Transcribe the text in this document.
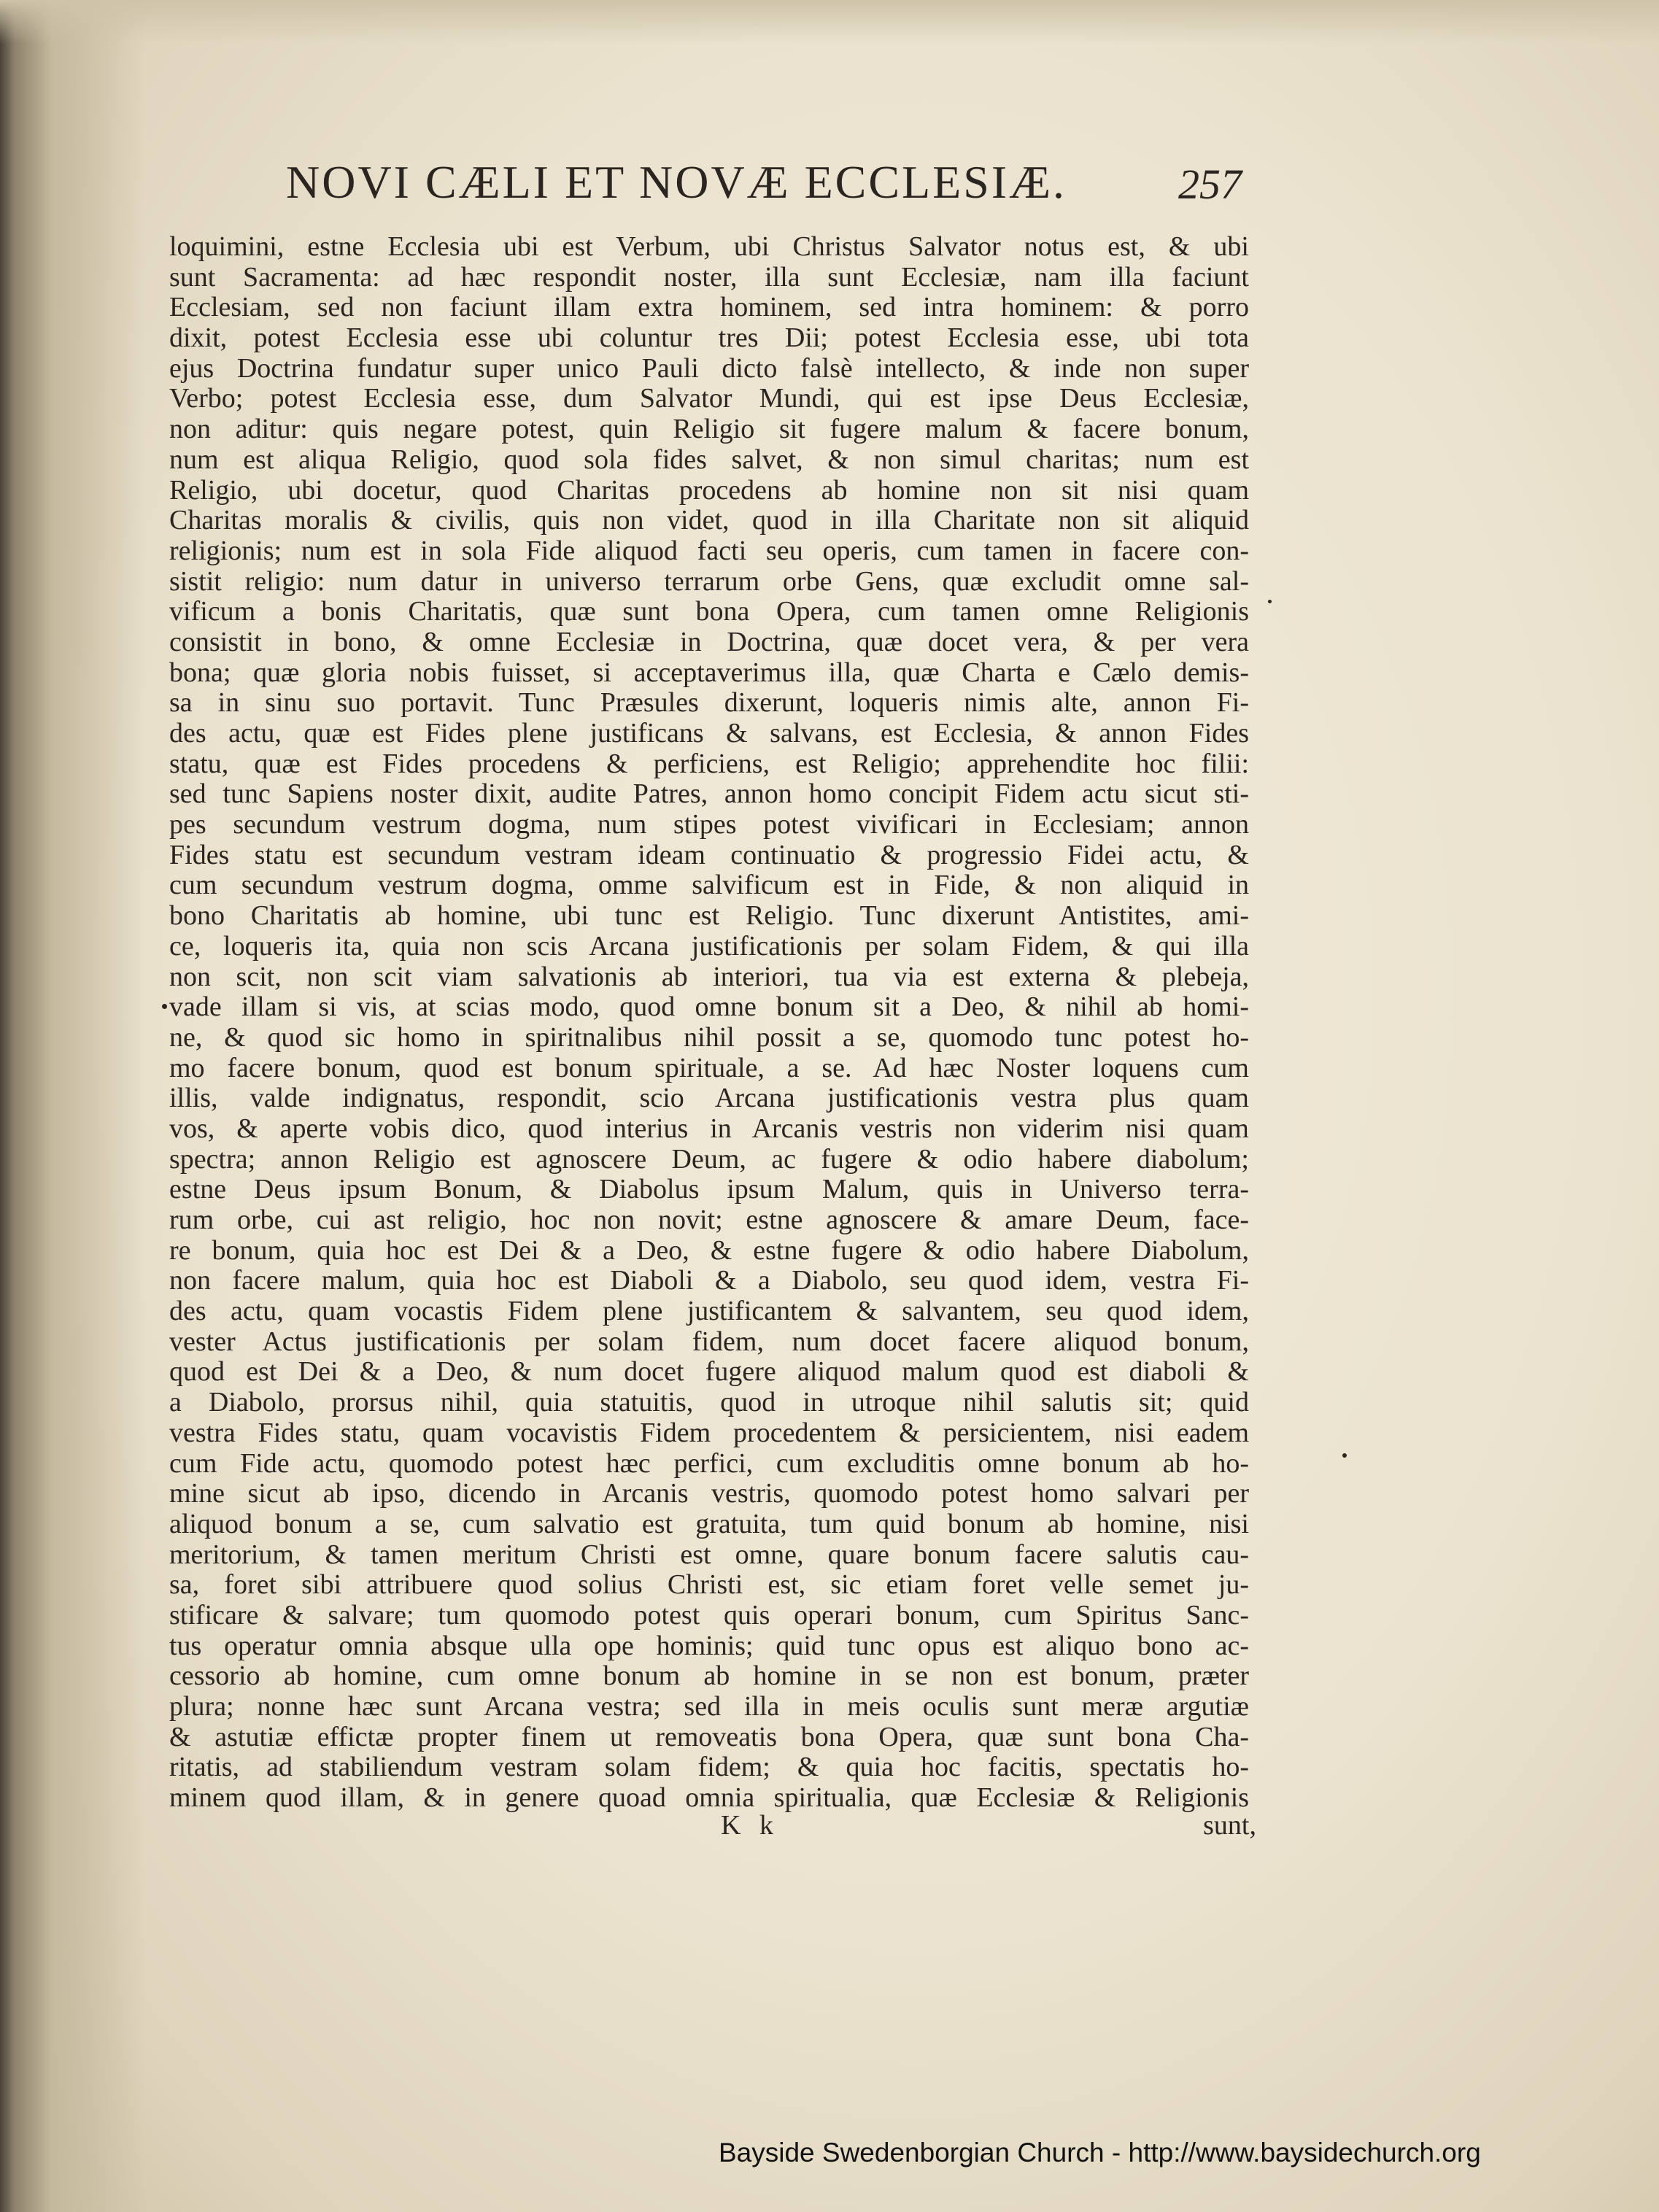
NOVI CÆLI ET NOVÆ ECCLESIÆ.	257
loquimini, estne Ecclesia ubi est Verbum, ubi Christus Salvator notus est, & ubi
sunt Sacramenta: ad hæc respondit noster, illa sunt Ecclesiæ, nam illa faciunt
Ecclesiam, sed non faciunt illam extra hominem, sed intra hominem: & porro
dixit, potest Ecclesia esse ubi coluntur tres Dii; potest Ecclesia esse, ubi tota
ejus Doctrina fundatur super unico Pauli dicto falsè intellecto, & inde non super
Verbo; potest Ecclesia esse, dum Salvator Mundi, qui est ipse Deus Ecclesiæ,
non aditur: quis negare potest, quin Religio sit fugere malum & facere bonum,
num est aliqua Religio, quod sola fides salvet, & non simul charitas; num est
Religio, ubi docetur, quod Charitas procedens ab homine non sit nisi quam
Charitas moralis & civilis, quis non videt, quod in illa Charitate non sit aliquid
religionis; num est in sola Fide aliquod facti seu operis, cum tamen in facere con-
sistit religio: num datur in universo terrarum orbe Gens, quæ excludit omne sal-
vificum a bonis Charitatis, quæ sunt bona Opera, cum tamen omne Religionis
consistit in bono, & omne Ecclesiæ in Doctrina, quæ docet vera, & per vera
bona; quæ gloria nobis fuisset, si acceptaverimus illa, quæ Charta e Cælo demis-
sa in sinu suo portavit. Tunc Præsules dixerunt, loqueris nimis alte, annon Fi-
des actu, quæ est Fides plene justificans & salvans, est Ecclesia, & annon Fides
statu, quæ est Fides procedens & perficiens, est Religio; apprehendite hoc filii:
sed tunc Sapiens noster dixit, audite Patres, annon homo concipit Fidem actu sicut sti-
pes secundum vestrum dogma, num stipes potest vivificari in Ecclesiam; annon
Fides statu est secundum vestram ideam continuatio & progressio Fidei actu, &
cum secundum vestrum dogma, omme salvificum est in Fide, & non aliquid in
bono Charitatis ab homine, ubi tunc est Religio. Tunc dixerunt Antistites, ami-
ce, loqueris ita, quia non scis Arcana justificationis per solam Fidem, & qui illa
non scit, non scit viam salvationis ab interiori, tua via est externa & plebeja,
vade illam si vis, at scias modo, quod omne bonum sit a Deo, & nihil ab homi-
ne, & quod sic homo in spiritnalibus nihil possit a se, quomodo tunc potest ho-
mo facere bonum, quod est bonum spirituale, a se. Ad hæc Noster loquens cum
illis, valde indignatus, respondit, scio Arcana justificationis vestra plus quam
vos, & aperte vobis dico, quod interius in Arcanis vestris non viderim nisi quam
spectra; annon Religio est agnoscere Deum, ac fugere & odio habere diabolum;
estne Deus ipsum Bonum, & Diabolus ipsum Malum, quis in Universo terra-
rum orbe, cui ast religio, hoc non novit; estne agnoscere & amare Deum, face-
re bonum, quia hoc est Dei & a Deo, & estne fugere & odio habere Diabolum,
non facere malum, quia hoc est Diaboli & a Diabolo, seu quod idem, vestra Fi-
des actu, quam vocastis Fidem plene justificantem & salvantem, seu quod idem,
vester Actus justificationis per solam fidem, num docet facere aliquod bonum,
quod est Dei & a Deo, & num docet fugere aliquod malum quod est diaboli &
a Diabolo, prorsus nihil, quia statuitis, quod in utroque nihil salutis sit; quid
vestra Fides statu, quam vocavistis Fidem procedentem & persicientem, nisi eadem
cum Fide actu, quomodo potest hæc perfici, cum excluditis omne bonum ab ho-
mine sicut ab ipso, dicendo in Arcanis vestris, quomodo potest homo salvari per
aliquod bonum a se, cum salvatio est gratuita, tum quid bonum ab homine, nisi
meritorium, & tamen meritum Christi est omne, quare bonum facere salutis cau-
sa, foret sibi attribuere quod solius Christi est, sic etiam foret velle semet ju-
stificare & salvare; tum quomodo potest quis operari bonum, cum Spiritus Sanc-
tus operatur omnia absque ulla ope hominis; quid tunc opus est aliquo bono ac-
cessorio ab homine, cum omne bonum ab homine in se non est bonum, præter
plura; nonne hæc sunt Arcana vestra; sed illa in meis oculis sunt meræ argutiæ
& astutiæ effictæ propter finem ut removeatis bona Opera, quæ sunt bona Cha-
ritatis, ad stabiliendum vestram solam fidem; & quia hoc facitis, spectatis ho-
minem quod illam, & in genere quoad omnia spiritualia, quæ Ecclesiæ & Religionis
K k	sunt,
Bayside Swedenborgian Church - http://www.baysidechurch.org
